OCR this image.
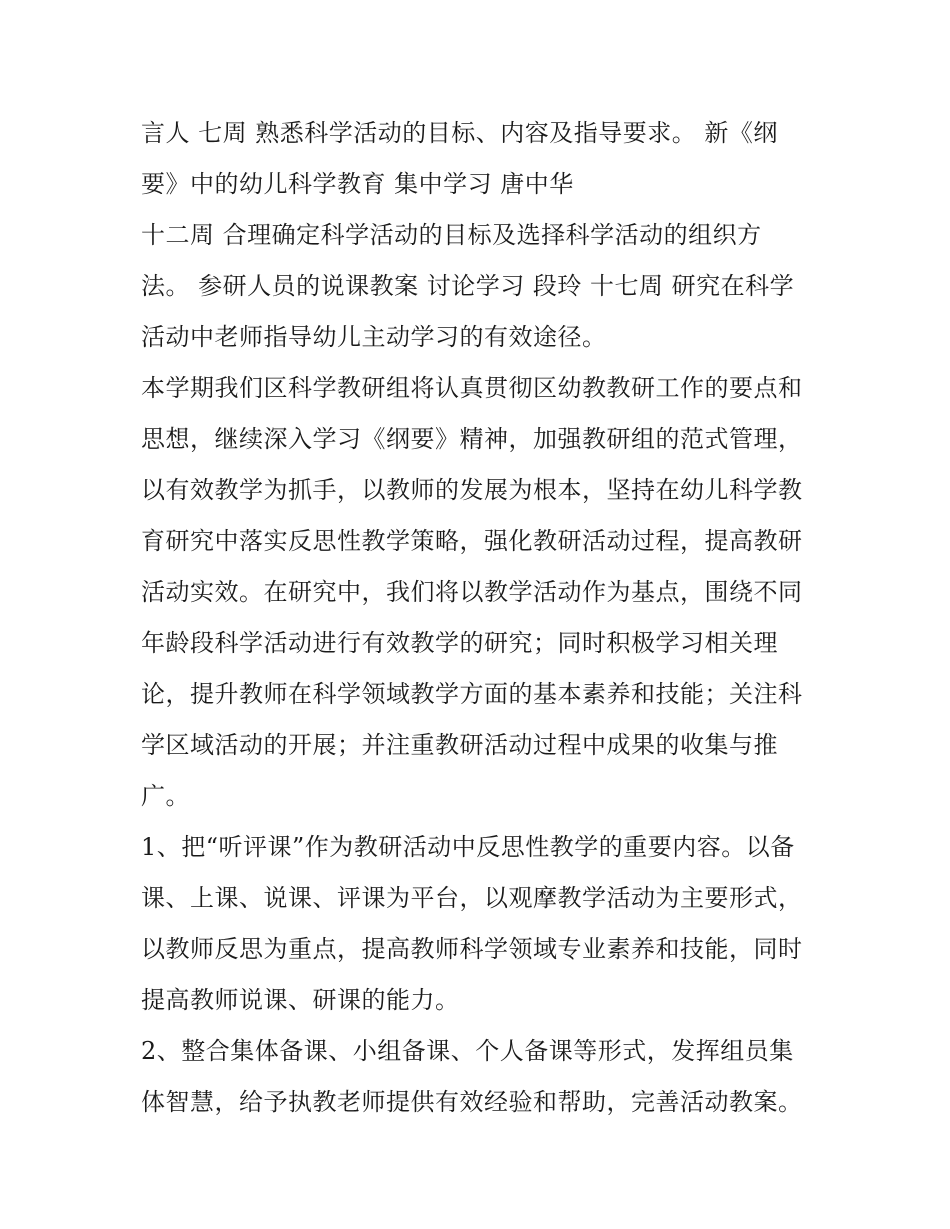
言人 七周 熟悉科学活动的目标、内容及指导要求。 新《纲
要》中的幼儿科学教育 集中学习 唐中华
十二周 合理确定科学活动的目标及选择科学活动的组织方
法。 参研人员的说课教案 讨论学习 段玲 十七周 研究在科学
活动中老师指导幼儿主动学习的有效途径。
本学期我们区科学教研组将认真贯彻区幼教教研工作的要点和
思想，继续深入学习《纲要》精神，加强教研组的范式管理，
以有效教学为抓手，以教师的发展为根本，坚持在幼儿科学教
育研究中落实反思性教学策略，强化教研活动过程，提高教研
活动实效。在研究中，我们将以教学活动作为基点，围绕不同
年龄段科学活动进行有效教学的研究；同时积极学习相关理
论，提升教师在科学领域教学方面的基本素养和技能；关注科
学区域活动的开展；并注重教研活动过程中成果的收集与推
广。
1、把“听评课”作为教研活动中反思性教学的重要内容。以备
课、上课、说课、评课为平台，以观摩教学活动为主要形式，
以教师反思为重点，提高教师科学领域专业素养和技能，同时
提高教师说课、研课的能力。
2、整合集体备课、小组备课、个人备课等形式，发挥组员集
体智慧，给予执教老师提供有效经验和帮助，完善活动教案。
